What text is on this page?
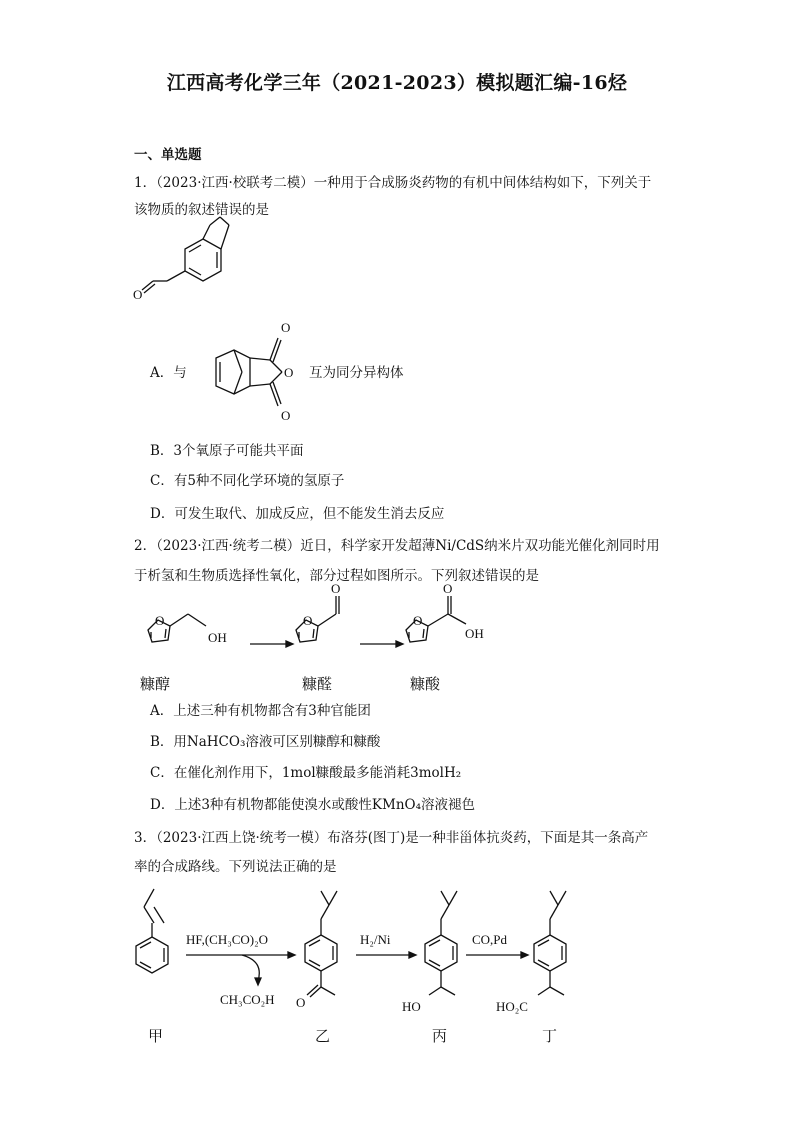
江西高考化学三年（2021-2023）模拟题汇编-16烃
一、单选题
1．（2023·江西·校联考二模）一种用于合成肠炎药物的有机中间体结构如下，下列关于
该物质的叙述错误的是
O
A．与
O
O
O
互为同分异构体
B．3个氧原子可能共平面
C．有5种不同化学环境的氢原子
D．可发生取代、加成反应，但不能发生消去反应
2．（2023·江西·统考二模）近日，科学家开发超薄Ni/CdS纳米片双功能光催化剂同时用
于析氢和生物质选择性氧化，部分过程如图所示。下列叙述错误的是
O
OH
O
O
O
O
OH
糠醇	糠醛	糠酸
A．上述三种有机物都含有3种官能团
B．用NaHCO₃溶液可区别糠醇和糠酸
C．在催化剂作用下，1mol糠酸最多能消耗3molH₂
D．上述3种有机物都能使溴水或酸性KMnO₄溶液褪色
3．（2023·江西上饶·统考一模）布洛芬(图丁)是一种非甾体抗炎药，下面是其一条高产
率的合成路线。下列说法正确的是
HF,(CH₃CO)₂O
CH₃CO₂H O
H₂/Ni
HO
CO,Pd
HO₂C
甲	乙	丙	丁
